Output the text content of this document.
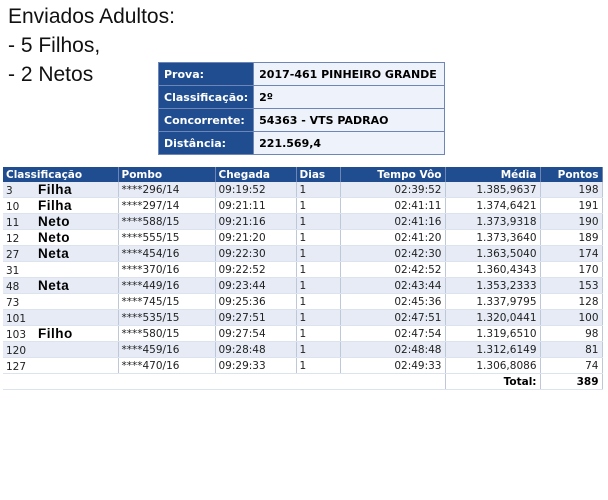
Enviados Adultos:
- 5 Filhos,
- 2 Netos	Prova:	2017-461 PINHEIRO GRANDE
Classificação:	2º
Concorrente:	54363 - VTS PADRAO
Distância:	221.569,4
Classificação	Pombo	Chegada	Dias	Tempo Vôo	Média	Pontos
3 Filha	****296/14	09:19:52	1	02:39:52	1.385,9637	198
10 Filha	****297/14	09:21:11	1	02:41:11	1.374,6421	191
11 Neto	****588/15	09:21:16	1	02:41:16	1.373,9318	190
12 Neto	****555/15	09:21:20	1	02:41:20	1.373,3640	189
27 Neta	****454/16	09:22:30	1	02:42:30	1.363,5040	174
31	****370/16	09:22:52	1	02:42:52	1.360,4343	170
48 Neta	****449/16	09:23:44	1	02:43:44	1.353,2333	153
73	****745/15	09:25:36	1	02:45:36	1.337,9795	128
101	****535/15	09:27:51	1	02:47:51	1.320,0441	100
103 Filho	****580/15	09:27:54	1	02:47:54	1.319,6510	98
120	****459/16	09:28:48	1	02:48:48	1.312,6149	81
127	****470/16	09:29:33	1	02:49:33	1.306,8086	74
					Total:	389
